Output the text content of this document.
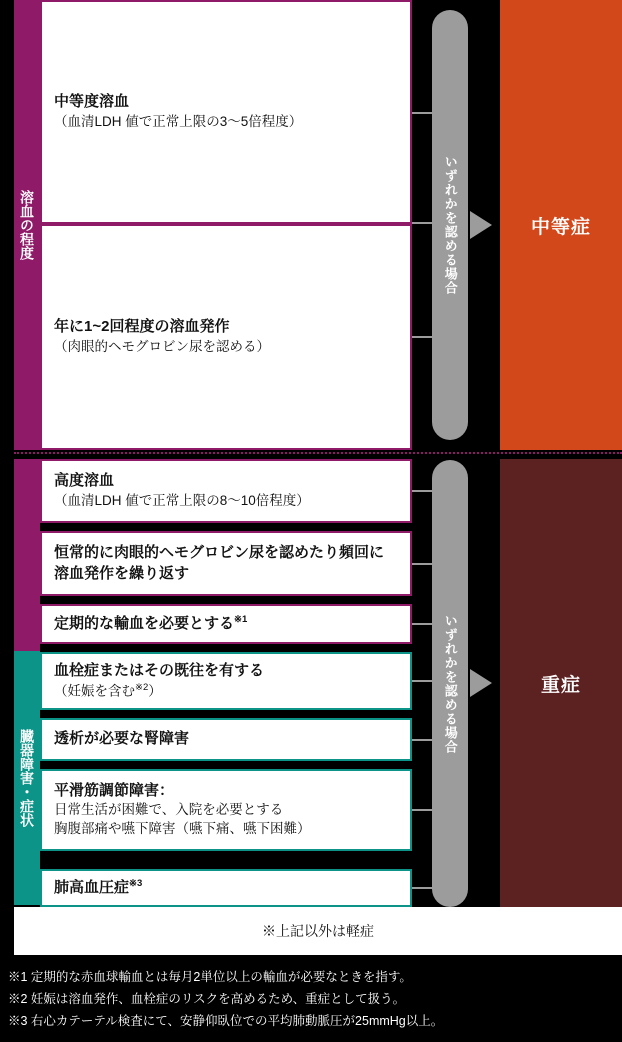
溶血の程度
臓器障害・症状
中等度溶血
（血清LDH 値で正常上限の3〜5倍程度）
年に1~2回程度の溶血発作
（肉眼的ヘモグロビン尿を認める）
高度溶血
（血清LDH 値で正常上限の8〜10倍程度）
恒常的に肉眼的ヘモグロビン尿を認めたり頻回に溶血発作を繰り返す
定期的な輸血を必要とする$^{※1}$
血栓症またはその既往を有する
（妊娠を含む$^{※2}$）
透析が必要な腎障害
平滑筋調節障害：
日常生活が困難で、入院を必要とする
胸腹部痛や嚥下障害（嚥下痛、嚥下困難）
肺高血圧症$^{※3}$
いずれかを認める場合
いずれかを認める場合
中等症
重症
※上記以外は軽症
※1 定期的な赤血球輸血とは毎月2単位以上の輸血が必要なときを指す。
※2 妊娠は溶血発作、血栓症のリスクを高めるため、重症として扱う。
※3 右心カテーテル検査にて、安静仰臥位での平均肺動脈圧が25mmHg以上。
